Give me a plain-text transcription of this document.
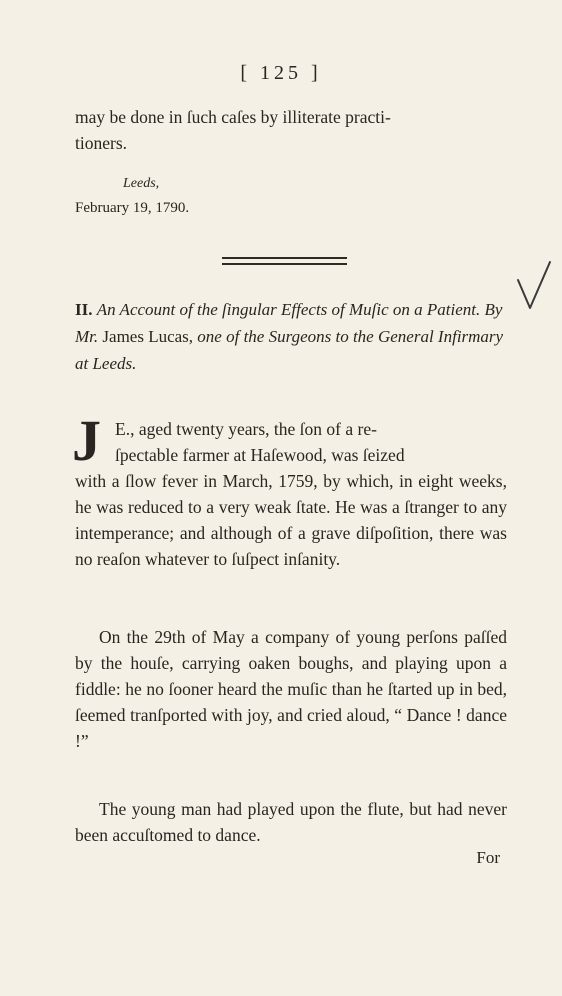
[ 125 ]
may be done in ſuch caſes by illiterate practi-
tioners.
Leeds,
February 19, 1790.
II. An Account of the ſingular Effects of Muſic on a Patient. By Mr. James Lucas, one of the Surgeons to the General Infirmary at Leeds.
J E., aged twenty years, the ſon of a re-
ſpectable farmer at Haſewood, was ſeized
with a ſlow fever in March, 1759, by which, in eight weeks, he was reduced to a very weak ſtate. He was a ſtranger to any intemperance; and although of a grave diſpoſition, there was no reaſon whatever to ſuſpect inſanity.
On the 29th of May a company of young perſons paſſed by the houſe, carrying oaken boughs, and playing upon a fiddle: he no ſooner heard the muſic than he ſtarted up in bed, ſeemed tranſported with joy, and cried aloud, “ Dance ! dance !”
The young man had played upon the flute, but had never been accuſtomed to dance.
For
